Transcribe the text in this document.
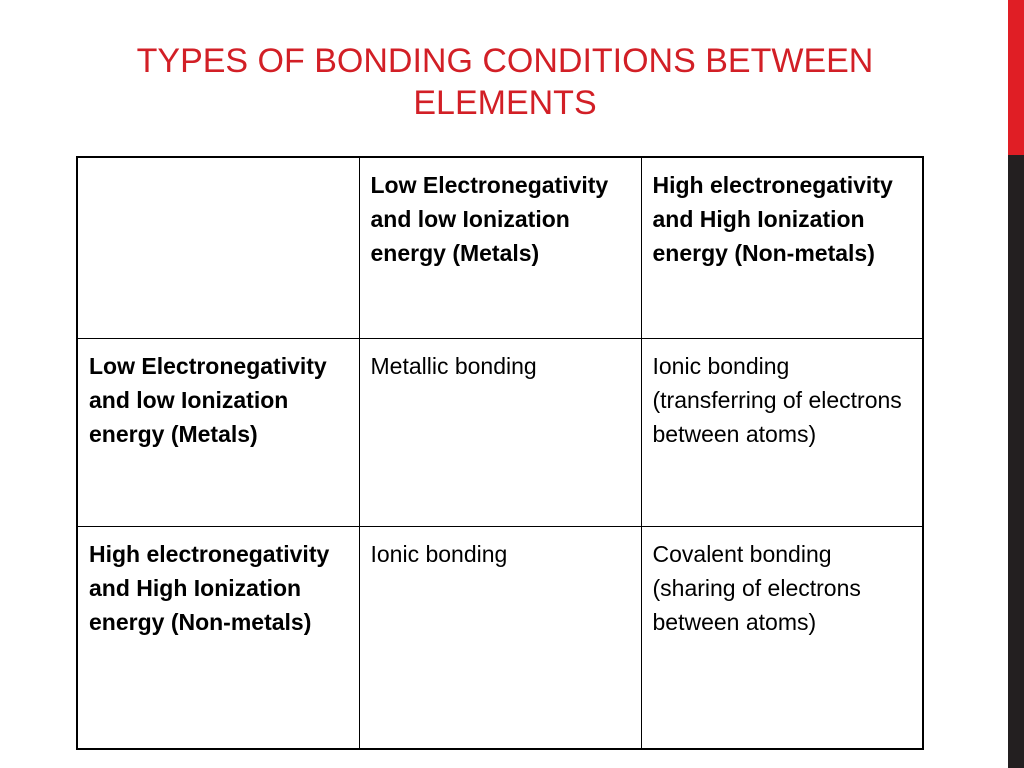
TYPES OF BONDING CONDITIONS BETWEEN ELEMENTS
	Low Electronegativity and low Ionization energy (Metals)	High electronegativity and High Ionization energy (Non-metals)
Low Electronegativity and low Ionization energy (Metals)	Metallic bonding	Ionic bonding (transferring of electrons between atoms)
High electronegativity and High Ionization energy (Non-metals)	Ionic bonding	Covalent bonding (sharing of electrons between atoms)
